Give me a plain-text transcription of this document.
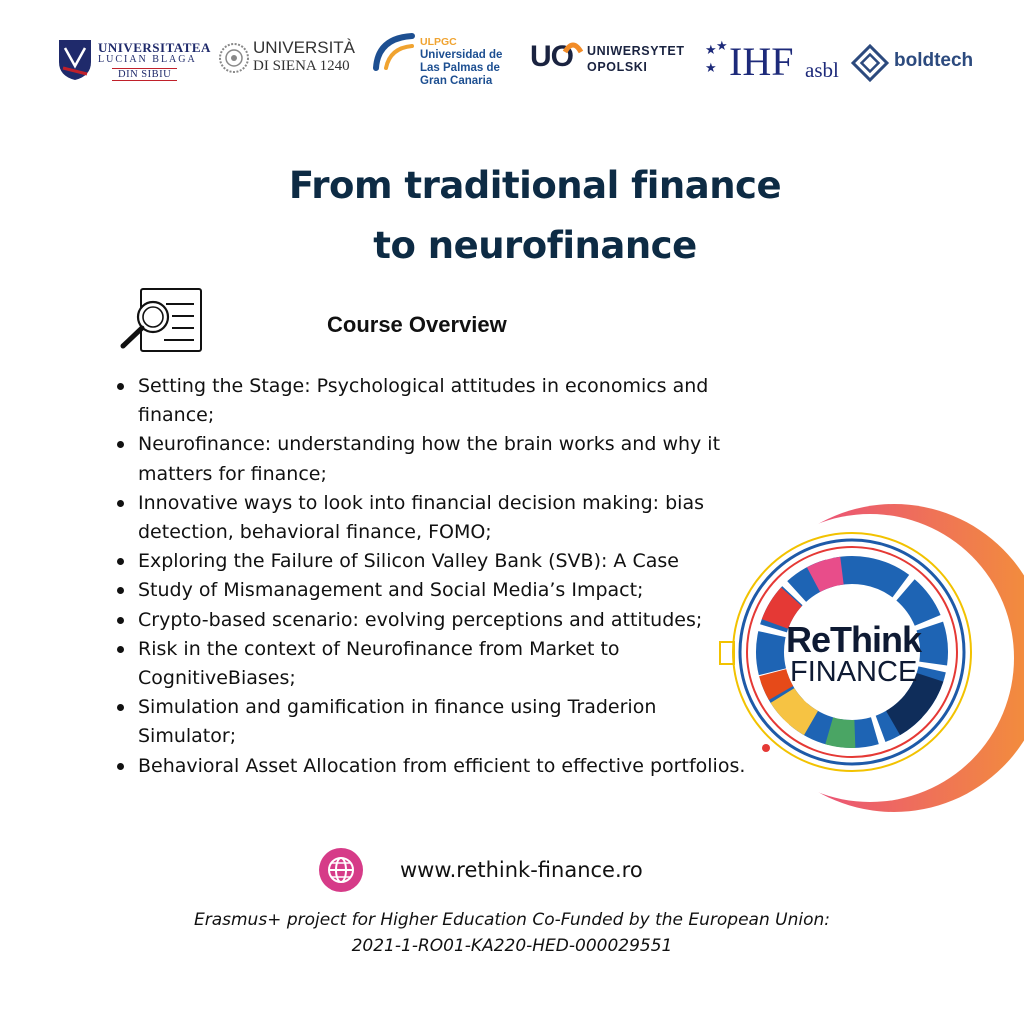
UNIVERSITATEA
LUCIAN BLAGA
DIN SIBIU
UNIVERSITÀ
DI SIENA 1240
ULPGC
Universidad de
Las Palmas de
Gran Canaria
UO UNIWERSYTET
OPOLSKI
★ ★
★ IHF asbl	boldtech
From traditional finance
to neurofinance
Course Overview
Setting the Stage: Psychological attitudes in economics and finance;
Neurofinance: understanding how the brain works and why it matters for finance;
Innovative ways to look into financial decision making: bias detection, behavioral finance, FOMO;
Exploring the Failure of Silicon Valley Bank (SVB): A Case
Study of Mismanagement and Social Media’s Impact;
Crypto-based scenario: evolving perceptions and attitudes;
Risk in the context of Neurofinance from Market to CognitiveBiases;
Simulation and gamification in finance using Traderion Simulator;
Behavioral Asset Allocation from efficient to effective portfolios.
www.rethink-finance.ro
Erasmus+ project for Higher Education Co-Funded by the European Union:
2021-1-RO01-KA220-HED-000029551
ReThink
FINANCE
